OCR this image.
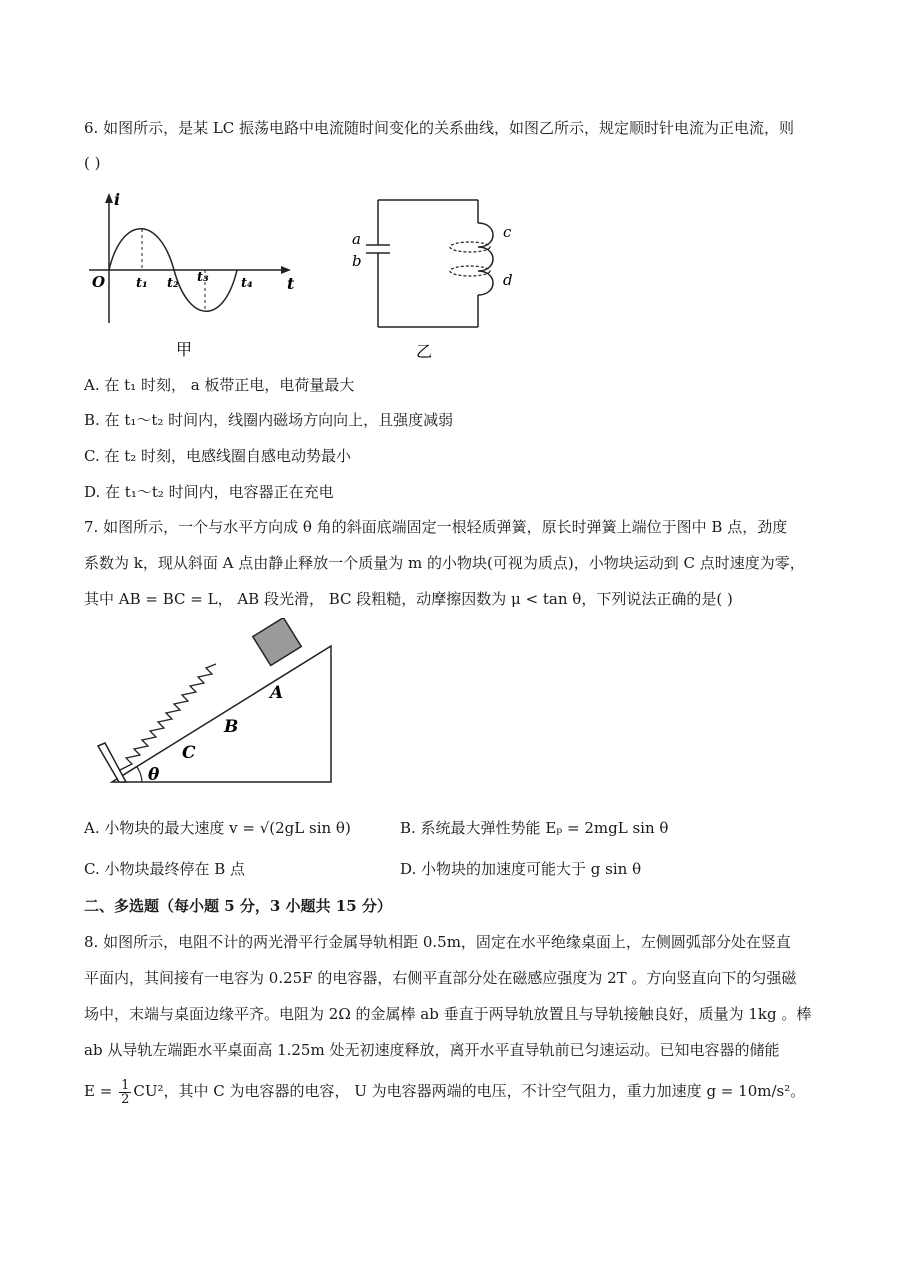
6. 如图所示，是某 LC 振荡电路中电流随时间变化的关系曲线，如图乙所示，规定顺时针电流为正电流，则
( )
i
t
O t₁ t₂ t₃ t₄
甲
a
b
c
d
乙
A. 在 t₁ 时刻， a 板带正电，电荷量最大
B. 在 t₁～t₂ 时间内，线圈内磁场方向向上，且强度减弱
C. 在 t₂ 时刻，电感线圈自感电动势最小
D. 在 t₁～t₂ 时间内，电容器正在充电
7. 如图所示，一个与水平方向成 θ 角的斜面底端固定一根轻质弹簧，原长时弹簧上端位于图中 B 点，劲度
系数为 k，现从斜面 A 点由静止释放一个质量为 m 的小物块(可视为质点)，小物块运动到 C 点时速度为零，
其中 AB = BC = L， AB 段光滑， BC 段粗糙，动摩擦因数为 μ < tan θ，下列说法正确的是( )
A
B
C
θ
A. 小物块的最大速度 v = √(2gL sin θ)	B. 系统最大弹性势能 Eₚ = 2mgL sin θ
C. 小物块最终停在 B 点	D. 小物块的加速度可能大于 g sin θ
二、多选题（每小题 5 分，3 小题共 15 分）
8. 如图所示，电阻不计的两光滑平行金属导轨相距 0.5m，固定在水平绝缘桌面上，左侧圆弧部分处在竖直
平面内，其间接有一电容为 0.25F 的电容器，右侧平直部分处在磁感应强度为 2T 。方向竖直向下的匀强磁
场中，末端与桌面边缘平齐。电阻为 2Ω 的金属棒 ab 垂直于两导轨放置且与导轨接触良好，质量为 1kg 。棒
ab 从导轨左端距水平桌面高 1.25m 处无初速度释放，离开水平直导轨前已匀速运动。已知电容器的储能
$E = \frac{1}{2} CU^2$，其中 C 为电容器的电容， U 为电容器两端的电压，不计空气阻力，重力加速度 g = 10m/s²。
